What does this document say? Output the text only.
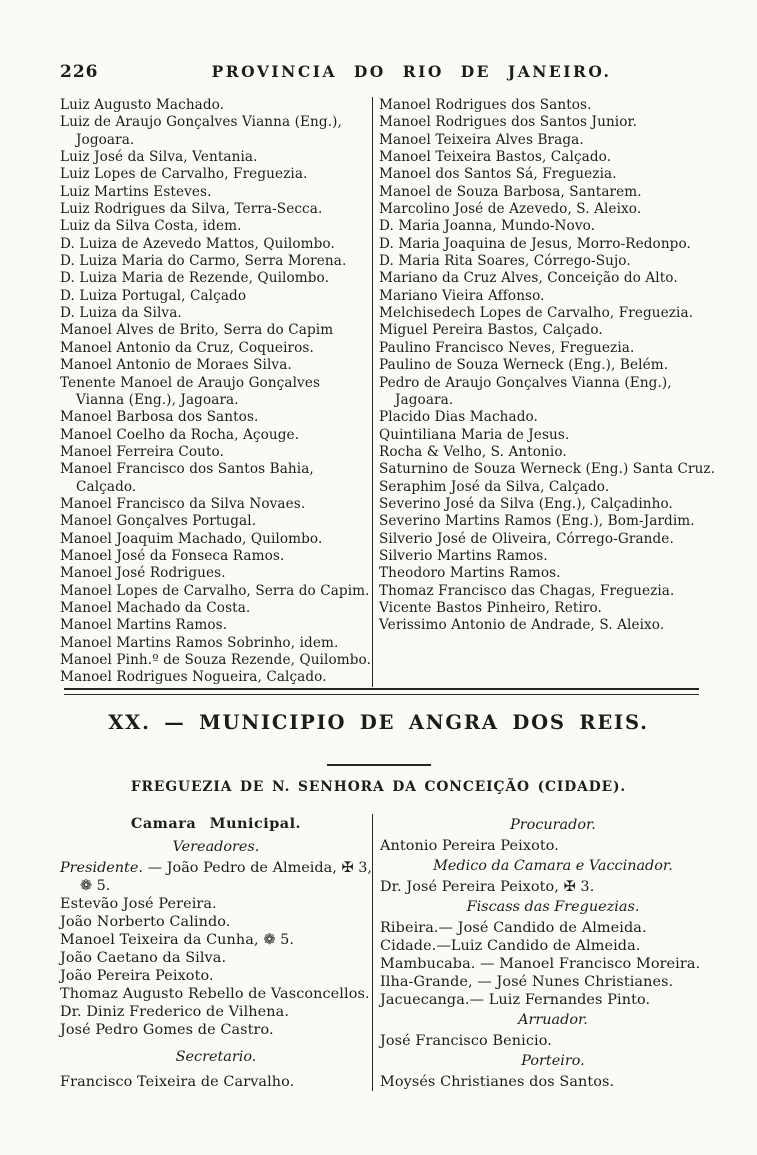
226	PROVINCIA DO RIO DE JANEIRO.
Luiz Augusto Machado.
Luiz de Araujo Gonçalves Vianna (Eng.), Jogoara.
Luiz José da Silva, Ventania.
Luiz Lopes de Carvalho, Freguezia.
Luiz Martins Esteves.
Luiz Rodrigues da Silva, Terra-Secca.
Luiz da Silva Costa, idem.
D. Luiza de Azevedo Mattos, Quilombo.
D. Luiza Maria do Carmo, Serra Morena.
D. Luiza Maria de Rezende, Quilombo.
D. Luiza Portugal, Calçado
D. Luiza da Silva.
Manoel Alves de Brito, Serra do Capim
Manoel Antonio da Cruz, Coqueiros.
Manoel Antonio de Moraes Silva.
Tenente Manoel de Araujo Gonçalves Vianna (Eng.), Jagoara.
Manoel Barbosa dos Santos.
Manoel Coelho da Rocha, Açouge.
Manoel Ferreira Couto.
Manoel Francisco dos Santos Bahia, Calçado.
Manoel Francisco da Silva Novaes.
Manoel Gonçalves Portugal.
Manoel Joaquim Machado, Quilombo.
Manoel José da Fonseca Ramos.
Manoel José Rodrigues.
Manoel Lopes de Carvalho, Serra do Capim.
Manoel Machado da Costa.
Manoel Martins Ramos.
Manoel Martins Ramos Sobrinho, idem.
Manoel Pinh.º de Souza Rezende, Quilombo.
Manoel Rodrigues Nogueira, Calçado.
Manoel Rodrigues dos Santos.
Manoel Rodrigues dos Santos Junior.
Manoel Teixeira Alves Braga.
Manoel Teixeira Bastos, Calçado.
Manoel dos Santos Sá, Freguezia.
Manoel de Souza Barbosa, Santarem.
Marcolino José de Azevedo, S. Aleixo.
D. Maria Joanna, Mundo-Novo.
D. Maria Joaquina de Jesus, Morro-Redonpo.
D. Maria Rita Soares, Córrego-Sujo.
Mariano da Cruz Alves, Conceição do Alto.
Mariano Vieira Affonso.
Melchisedech Lopes de Carvalho, Freguezia.
Miguel Pereira Bastos, Calçado.
Paulino Francisco Neves, Freguezia.
Paulino de Souza Werneck (Eng.), Belém.
Pedro de Araujo Gonçalves Vianna (Eng.), Jagoara.
Placido Dias Machado.
Quintiliana Maria de Jesus.
Rocha & Velho, S. Antonio.
Saturnino de Souza Werneck (Eng.) Santa Cruz.
Seraphim José da Silva, Calçado.
Severino José da Silva (Eng.), Calçadinho.
Severino Martins Ramos (Eng.), Bom-Jardim.
Silverio José de Oliveira, Córrego-Grande.
Silverio Martins Ramos.
Theodoro Martins Ramos.
Thomaz Francisco das Chagas, Freguezia.
Vicente Bastos Pinheiro, Retiro.
Verissimo Antonio de Andrade, S. Aleixo.
XX. — MUNICIPIO DE ANGRA DOS REIS.
FREGUEZIA DE N. SENHORA DA CONCEIÇÃO (CIDADE).
Camara Municipal.
Vereadores.
Presidente. — João Pedro de Almeida, ✠ 3, ❁ 5.
Estevão José Pereira.
João Norberto Calindo.
Manoel Teixeira da Cunha, ❁ 5.
João Caetano da Silva.
João Pereira Peixoto.
Thomaz Augusto Rebello de Vasconcellos.
Dr. Diniz Frederico de Vilhena.
José Pedro Gomes de Castro.
Secretario.
Francisco Teixeira de Carvalho.
Procurador.
Antonio Pereira Peixoto.
Medico da Camara e Vaccinador.
Dr. José Pereira Peixoto, ✠ 3.
Fiscass das Freguezias.
Ribeira.— José Candido de Almeida.
Cidade.—Luiz Candido de Almeida.
Mambucaba. — Manoel Francisco Moreira.
Ilha-Grande, — José Nunes Christianes.
Jacuecanga.— Luiz Fernandes Pinto.
Arruador.
José Francisco Benicio.
Porteiro.
Moysés Christianes dos Santos.
